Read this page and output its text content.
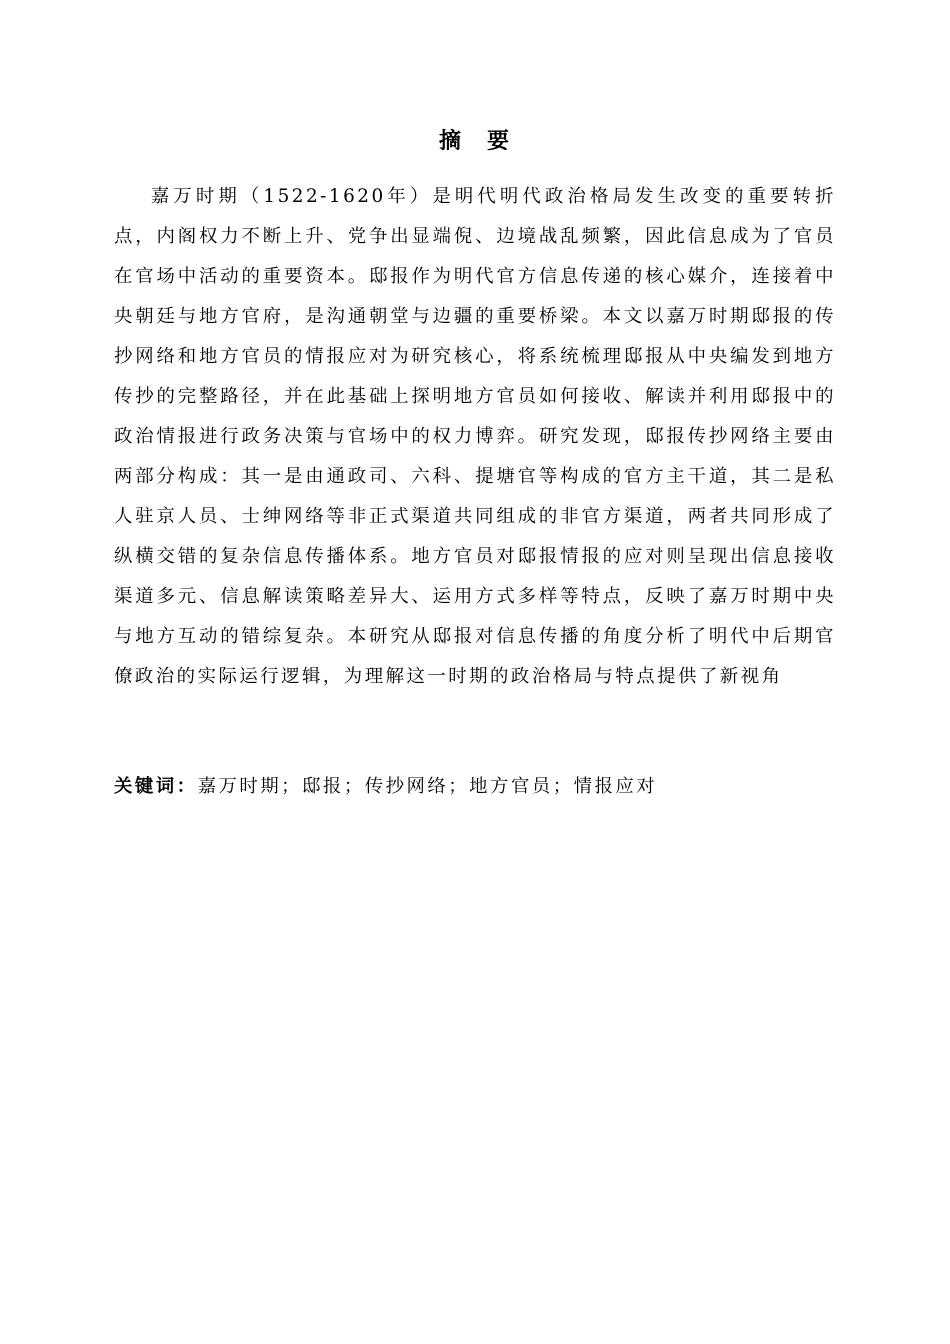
摘　要

嘉万时期（1522-1620年）是明代明代政治格局发生改变的重要转折点，内阁权力不断上升、党争出显端倪、边境战乱频繁，因此信息成为了官员在官场中活动的重要资本。邸报作为明代官方信息传递的核心媒介，连接着中央朝廷与地方官府，是沟通朝堂与边疆的重要桥梁。本文以嘉万时期邸报的传抄网络和地方官员的情报应对为研究核心，将系统梳理邸报从中央编发到地方传抄的完整路径，并在此基础上探明地方官员如何接收、解读并利用邸报中的政治情报进行政务决策与官场中的权力博弈。研究发现，邸报传抄网络主要由两部分构成：其一是由通政司、六科、提塘官等构成的官方主干道，其二是私人驻京人员、士绅网络等非正式渠道共同组成的非官方渠道，两者共同形成了纵横交错的复杂信息传播体系。地方官员对邸报情报的应对则呈现出信息接收渠道多元、信息解读策略差异大、运用方式多样等特点，反映了嘉万时期中央与地方互动的错综复杂。本研究从邸报对信息传播的角度分析了明代中后期官僚政治的实际运行逻辑，为理解这一时期的政治格局与特点提供了新视角

关键词：嘉万时期；邸报；传抄网络；地方官员；情报应对
